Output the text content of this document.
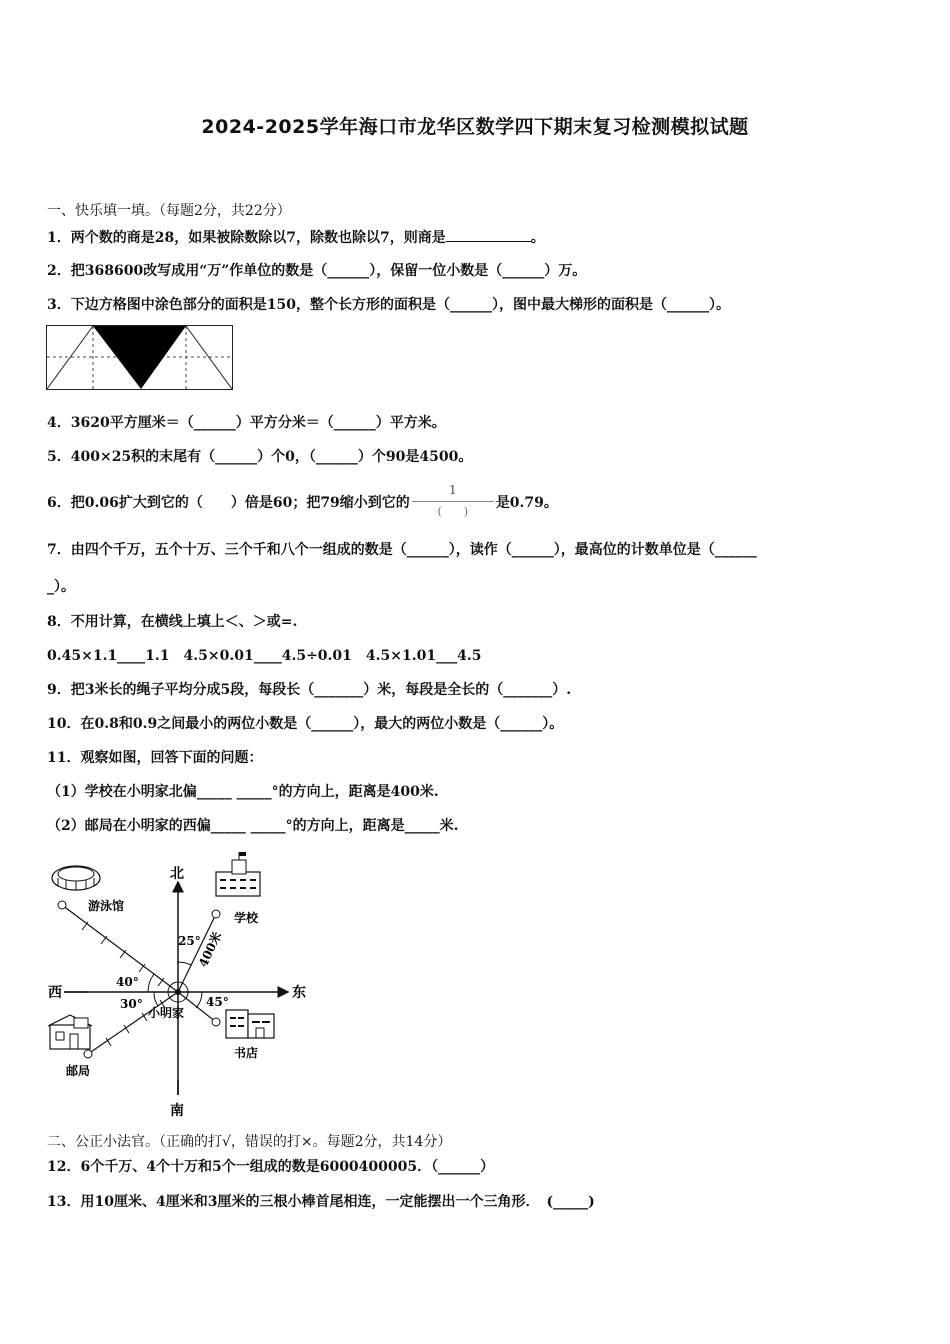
2024-2025学年海口市龙华区数学四下期末复习检测模拟试题
一、快乐填一填。（每题2分，共22分）
1．两个数的商是28，如果被除数除以7，除数也除以7，则商是	。
2．把368600改写成用“万”作单位的数是（______），保留一位小数是（______）万。
3．下边方格图中涂色部分的面积是150，整个长方形的面积是（______），图中最大梯形的面积是（______）。
4．3620平方厘米＝（______）平方分米＝（______）平方米。
5．400×25积的末尾有（______）个0，（______）个90是4500。
6．把0.06扩大到它的（　　）倍是60；把79缩小到它的
1
(　　)
是0.79。
7．由四个千万，五个十万、三个千和八个一组成的数是（______），读作（______），最高位的计数单位是（______
_）。
8．不用计算，在横线上填上＜、＞或=.
0.45×1.1____1.1　4.5×0.01____4.5÷0.01　4.5×1.01___4.5
9．把3米长的绳子平均分成5段，每段长（_______）米，每段是全长的（_______）.
10．在0.8和0.9之间最小的两位小数是（______），最大的两位小数是（______）。
11．观察如图，回答下面的问题：
（1）学校在小明家北偏_____ _____°的方向上，距离是400米.
（2）邮局在小明家的西偏_____ _____°的方向上，距离是_____米.
北
南
西	东
小明家
游泳馆
学校
25°
400米
邮局
书店
40°
30°	45°
二、公正小法官。（正确的打√，错误的打×。每题2分，共14分）
12．6个千万、4个十万和5个一组成的数是6000400005．（______）
13．用10厘米、4厘米和3厘米的三根小棒首尾相连，一定能摆出一个三角形．　(_____)
